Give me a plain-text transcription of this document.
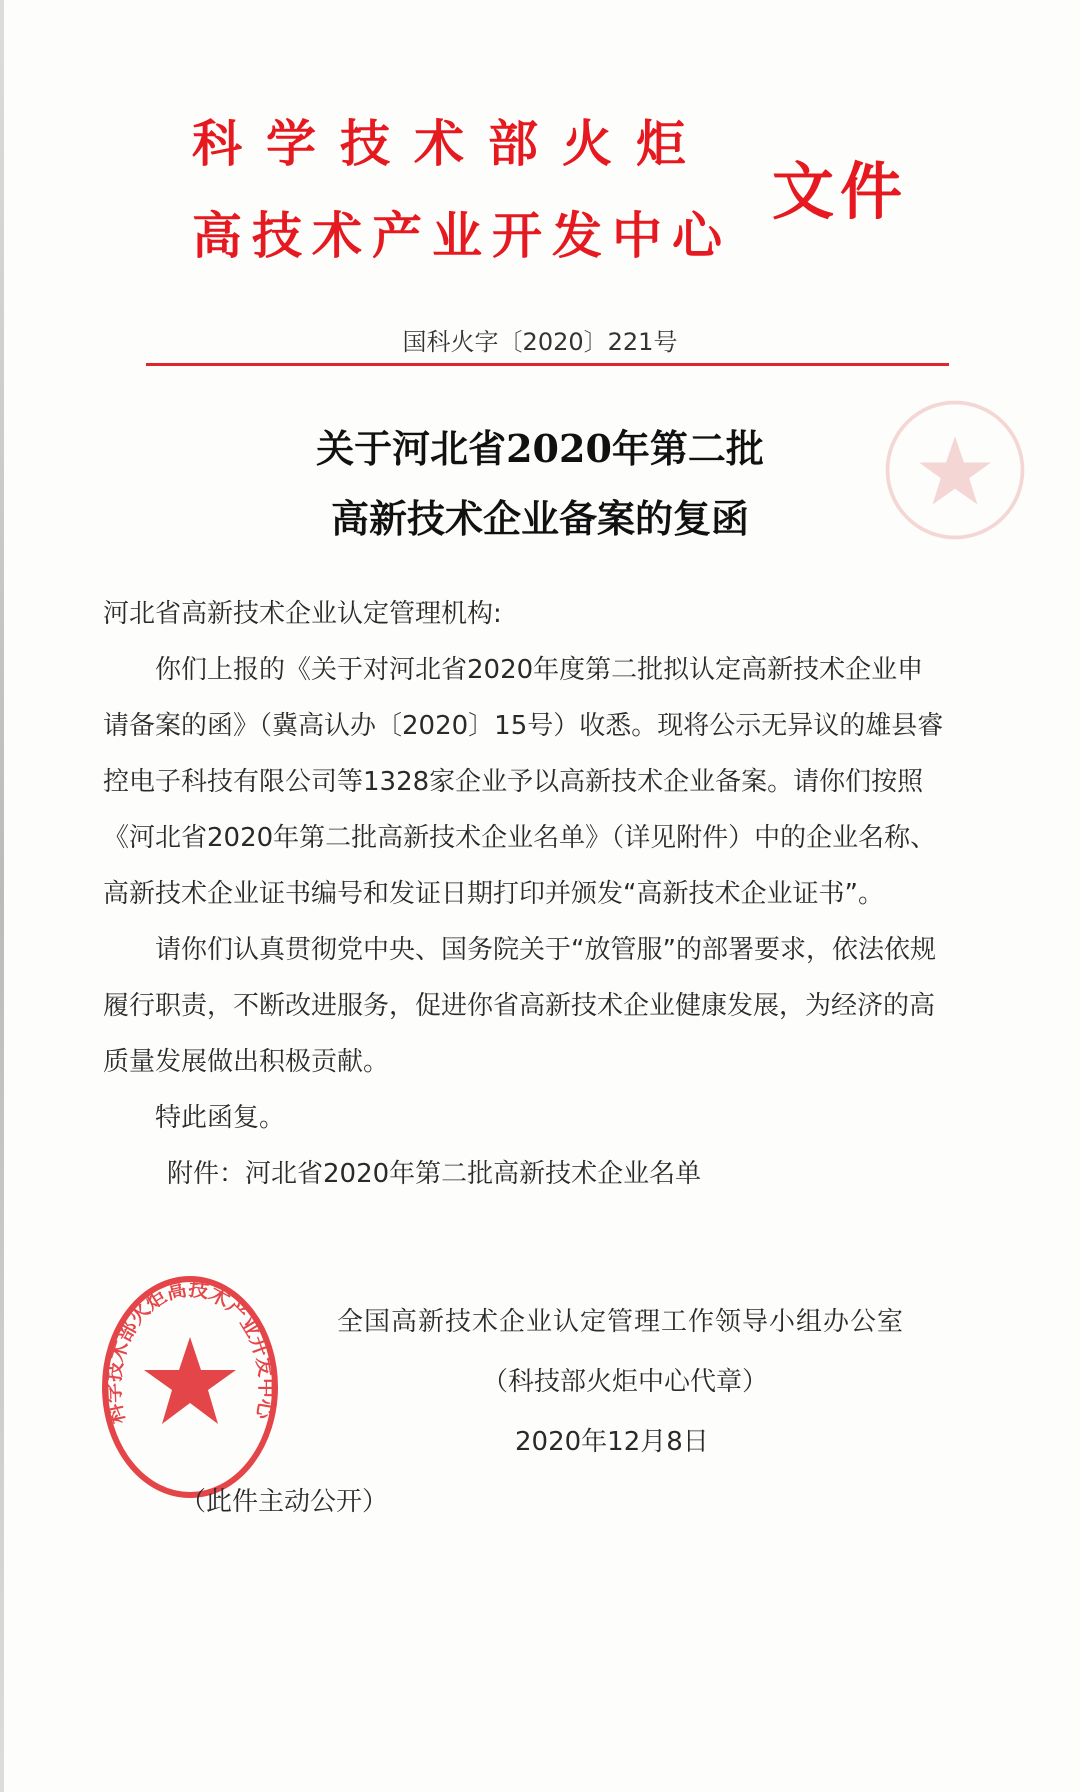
科学技术部火炬
高技术产业开发中心
文件
国科火字〔2020〕221号
关于河北省2020年第二批
高新技术企业备案的复函

河北省高新技术企业认定管理机构:

你们上报的《关于对河北省2020年度第二批拟认定高新技术企业申请备案的函》（冀高认办〔2020〕15号）收悉。现将公示无异议的雄县睿控电子科技有限公司等1328家企业予以高新技术企业备案。请你们按照《河北省2020年第二批高新技术企业名单》（详见附件）中的企业名称、高新技术企业证书编号和发证日期打印并颁发“高新技术企业证书”。

请你们认真贯彻党中央、国务院关于“放管服”的部署要求，依法依规履行职责，不断改进服务，促进你省高新技术企业健康发展，为经济的高质量发展做出积极贡献。

特此函复。

附件：河北省2020年第二批高新技术企业名单

全国高新技术企业认定管理工作领导小组办公室

（科技部火炬中心代章）

2020年12月8日

（此件主动公开）

科学技术部火炬高技术产业开发中心
